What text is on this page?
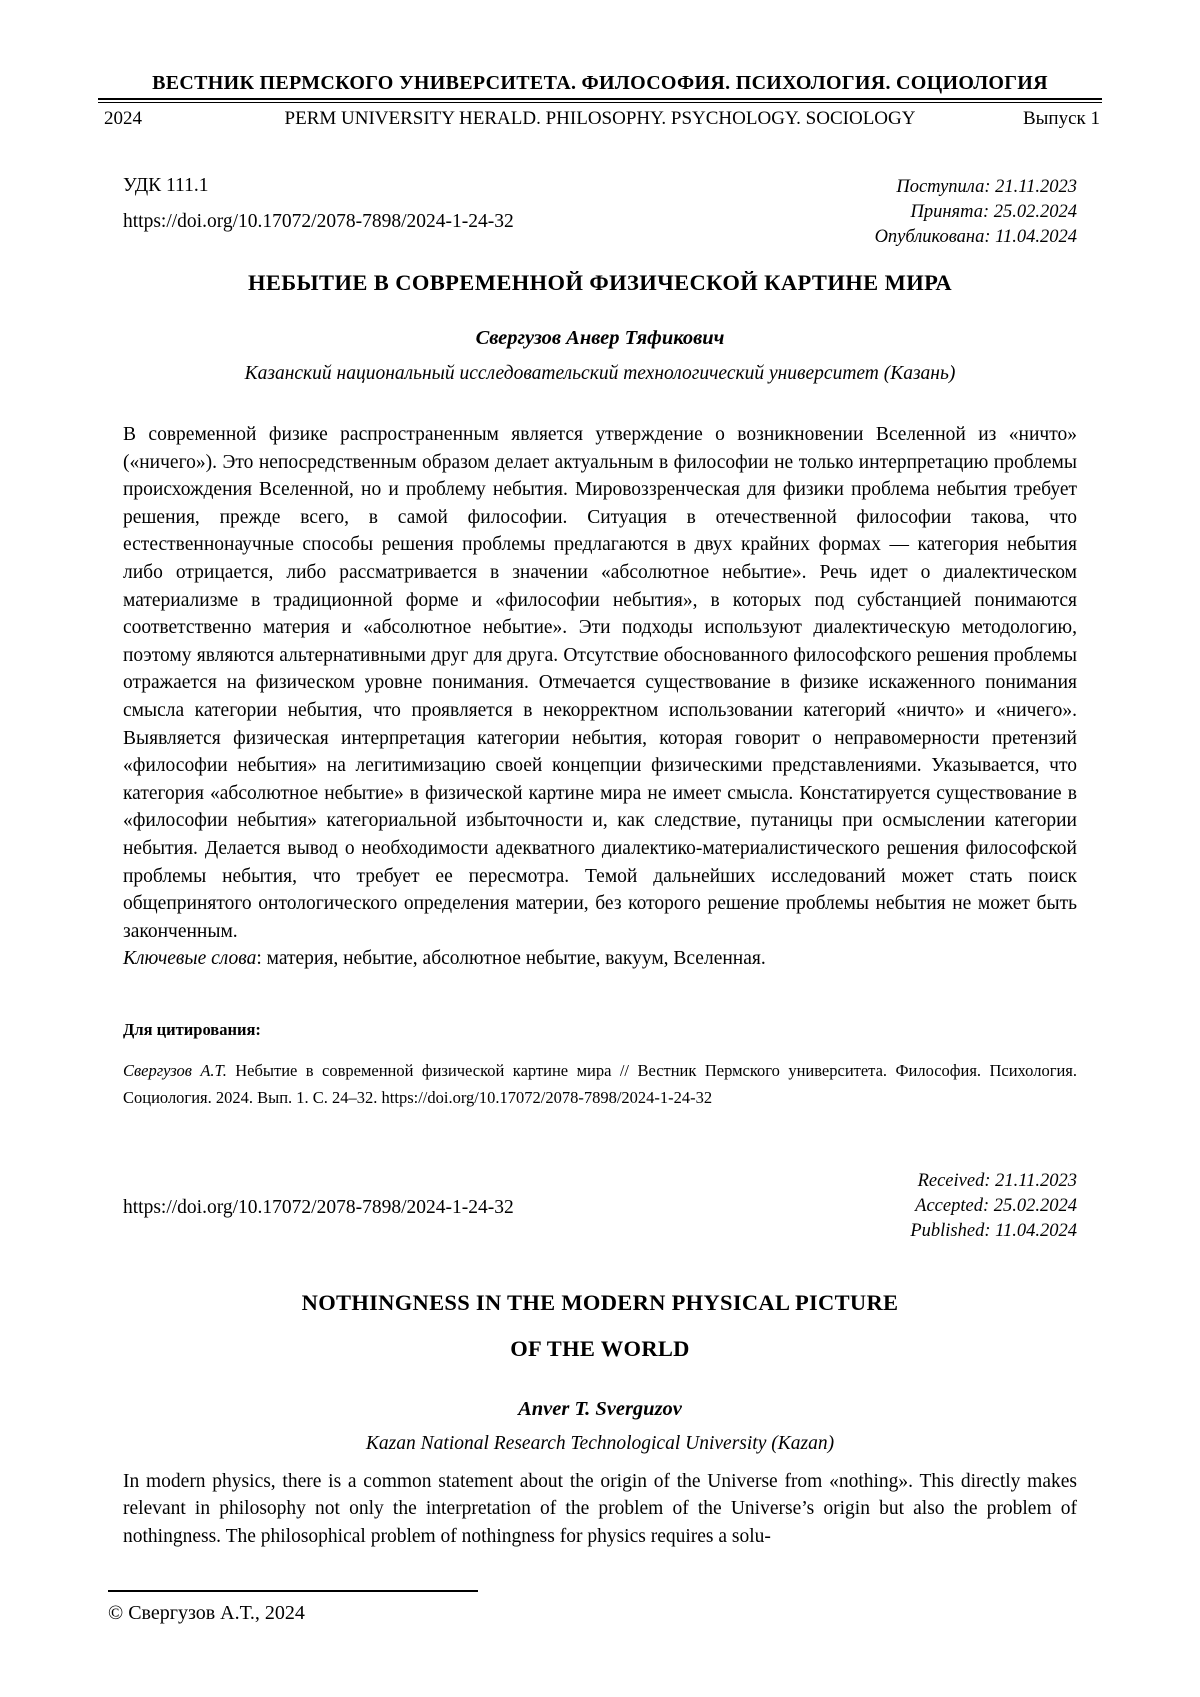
ВЕСТНИК ПЕРМСКОГО УНИВЕРСИТЕТА. ФИЛОСОФИЯ. ПСИХОЛОГИЯ. СОЦИОЛОГИЯ
2024	PERM UNIVERSITY HERALD. PHILOSOPHY. PSYCHOLOGY. SOCIOLOGY	Выпуск 1
УДК 111.1
https://doi.org/10.17072/2078-7898/2024-1-24-32
Поступила: 21.11.2023
Принята: 25.02.2024
Опубликована: 11.04.2024
НЕБЫТИЕ В СОВРЕМЕННОЙ ФИЗИЧЕСКОЙ КАРТИНЕ МИРА
Свергузов Анвер Тяфикович
Казанский национальный исследовательский технологический университет (Казань)

В современной физике распространенным является утверждение о возникновении Вселенной из «ничто» («ничего»). Это непосредственным образом делает актуальным в философии не только интерпретацию проблемы происхождения Вселенной, но и проблему небытия. Мировоззренческая для физики проблема небытия требует решения, прежде всего, в самой философии. Ситуация в отечественной философии такова, что естественнонаучные способы решения проблемы предлагаются в двух крайних формах — категория небытия либо отрицается, либо рассматривается в значении «абсолютное небытие». Речь идет о диалектическом материализме в традиционной форме и «философии небытия», в которых под субстанцией понимаются соответственно материя и «абсолютное небытие». Эти подходы используют диалектическую методологию, поэтому являются альтернативными друг для друга. Отсутствие обоснованного философского решения проблемы отражается на физическом уровне понимания. Отмечается существование в физике искаженного понимания смысла категории небытия, что проявляется в некорректном использовании категорий «ничто» и «ничего». Выявляется физическая интерпретация категории небытия, которая говорит о неправомерности претензий «философии небытия» на легитимизацию своей концепции физическими представлениями. Указывается, что категория «абсолютное небытие» в физической картине мира не имеет смысла. Констатируется существование в «философии небытия» категориальной избыточности и, как следствие, путаницы при осмыслении категории небытия. Делается вывод о необходимости адекватного диалектико-материалистического решения философской проблемы небытия, что требует ее пересмотра. Темой дальнейших исследований может стать поиск общепринятого онтологического определения материи, без которого решение проблемы небытия не может быть законченным.

Ключевые слова: материя, небытие, абсолютное небытие, вакуум, Вселенная.

Для цитирования:

Свергузов А.Т. Небытие в современной физической картине мира // Вестник Пермского университета. Философия. Психология. Социология. 2024. Вып. 1. С. 24–32. https://doi.org/10.17072/2078-7898/2024-1-24-32

https://doi.org/10.17072/2078-7898/2024-1-24-32
Received: 21.11.2023
Accepted: 25.02.2024
Published: 11.04.2024
NOTHINGNESS IN THE MODERN PHYSICAL PICTURE
OF THE WORLD
Anver T. Sverguzov
Kazan National Research Technological University (Kazan)

In modern physics, there is a common statement about the origin of the Universe from «nothing». This directly makes relevant in philosophy not only the interpretation of the problem of the Universe’s origin but also the problem of nothingness. The philosophical problem of nothingness for physics requires a solu-

© Свергузов А.Т., 2024
